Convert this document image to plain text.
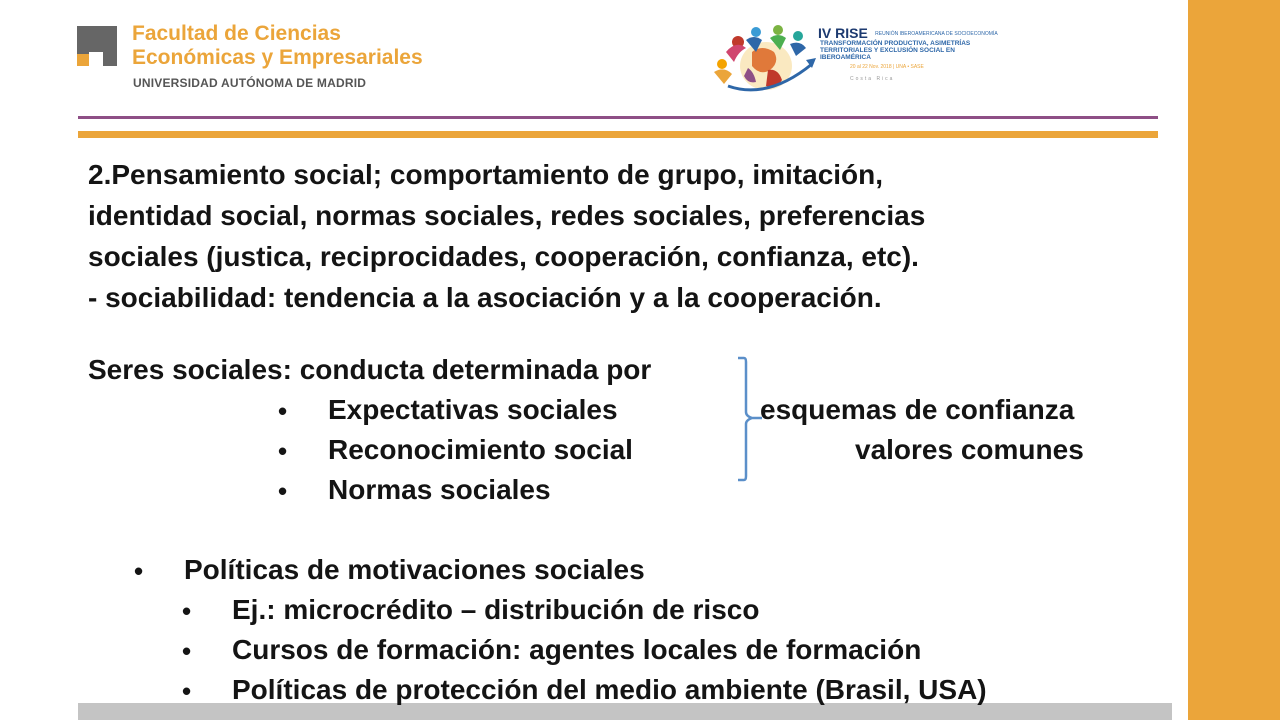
Facultad de Ciencias
Económicas y Empresariales
UNIVERSIDAD AUTÓNOMA DE MADRID
IV RISE REUNIÓN IBEROAMERICANA DE SOCIOECONOMÍA
TRANSFORMACIÓN PRODUCTIVA, ASIMETRÍAS TERRITORIALES Y EXCLUSIÓN SOCIAL EN IBEROAMÉRICA
20 al 22 Nov. 2018 | UNA • SASE
Costa Rica
2.Pensamiento social; comportamiento de grupo, imitación,
identidad social, normas sociales, redes sociales, preferencias
sociales (justica, reciprocidades, cooperación, confianza, etc).
- sociabilidad: tendencia a la asociación y a la cooperación.
Seres sociales: conducta determinada por
• Expectativas sociales
• Reconocimiento social
• Normas sociales
esquemas de confianza
valores comunes
• Políticas de motivaciones sociales
• Ej.: microcrédito – distribución de risco
• Cursos de formación: agentes locales de formación
• Políticas de protección del medio ambiente (Brasil, USA)
